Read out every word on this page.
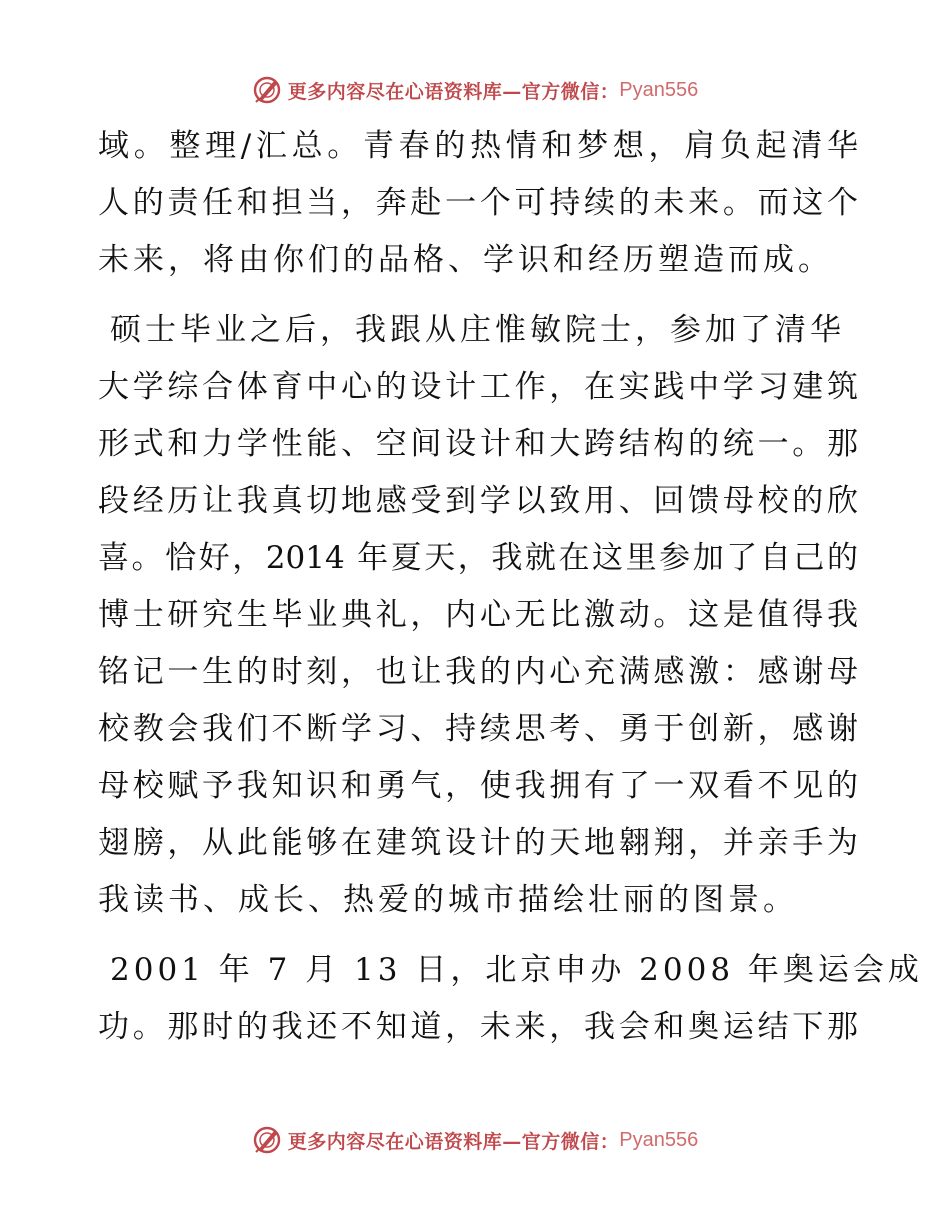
更多内容尽在心语资料库—官方微信： Pyan556
域。整理/汇总。青春的热情和梦想，肩负起清华
人的责任和担当，奔赴一个可持续的未来。而这个
未来，将由你们的品格、学识和经历塑造而成。
硕士毕业之后，我跟从庄惟敏院士，参加了清华
大学综合体育中心的设计工作，在实践中学习建筑
形式和力学性能、空间设计和大跨结构的统一。那
段经历让我真切地感受到学以致用、回馈母校的欣
喜。恰好，2014 年夏天，我就在这里参加了自己的
博士研究生毕业典礼，内心无比激动。这是值得我
铭记一生的时刻，也让我的内心充满感激：感谢母
校教会我们不断学习、持续思考、勇于创新，感谢
母校赋予我知识和勇气，使我拥有了一双看不见的
翅膀，从此能够在建筑设计的天地翱翔，并亲手为
我读书、成长、热爱的城市描绘壮丽的图景。
2001 年 7 月 13 日，北京申办 2008 年奥运会成
功。那时的我还不知道，未来，我会和奥运结下那
更多内容尽在心语资料库—官方微信： Pyan556
